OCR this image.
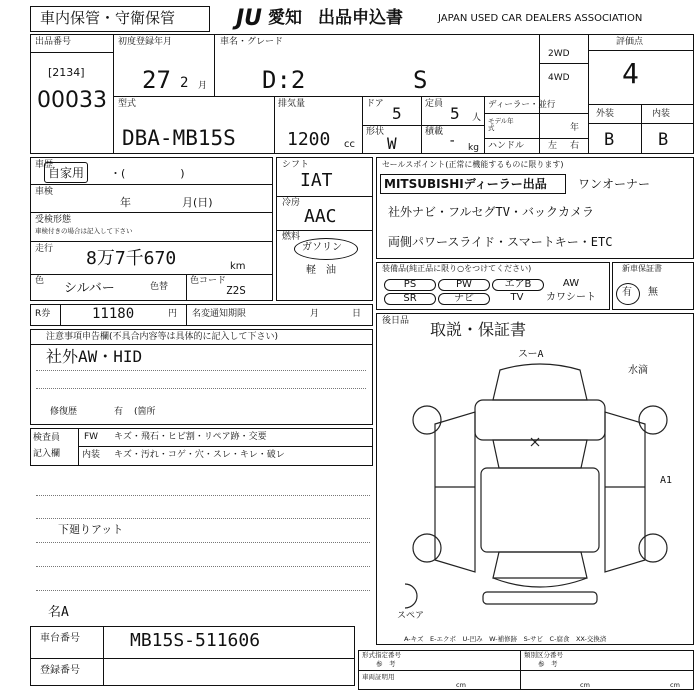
車内保管・守衛保管	JU 愛知 出品申込書	JAPAN USED CAR DEALERS ASSOCIATION
出品番号
[2134]
00033
初度登録年月	車名・グレード
27 2 月 D:2	S
2WD
4WD
評価点
4
型式
DBA-MB15S
排気量
1200 cc
ドア 5	定員 5 人
ディーラー・並行
モデル年式	年
ハンドル	左 右
形状
W
積載
- kg
外装	内装
B	B
車歴
自家用	・(　　　　　)
車検
年	月(日)
受検形態
車検付きの場合は記入して下さい
走行 8万7千670	km
色 シルバー	色替
色コード
Z2S
シフト
IAT
冷房
AAC
燃料
ガソリン
軽　油
セールスポイント(正常に機能するものに限ります)
MITSUBISHIディーラー出品	ワンオーナー
社外ナビ・フルセグTV・バックカメラ
両側パワースライド・スマートキー・ETC
装備品(純正品に限り○をつけてください)
PS	PW	エアB	AW
SR	ナビ	TV	カワシート
新車保証書
有 無
R券	11180	円 名変通知期限	月	日
注意事項申告欄(不具合内容等は具体的に記入して下さい)
社外AW・HID
修復歴	有 (箇所
検査員
記入欄
FW キズ・飛石・ヒビ割・リペア跡・交要
内装 キズ・汚れ・コゲ・穴・スレ・キレ・破レ
下廻りアット
後日品 取説・保証書
スーA
水滴
A1
スペア
A-キズ　E-エクボ　U-凹み　W-補修跡　S-サビ　C-腐食　XX-交換済
名A
車台番号	MB15S-511606
登録番号
形式指定番号	類別区分番号
参　考	参　考
車両証明用
cm	cm	cm
